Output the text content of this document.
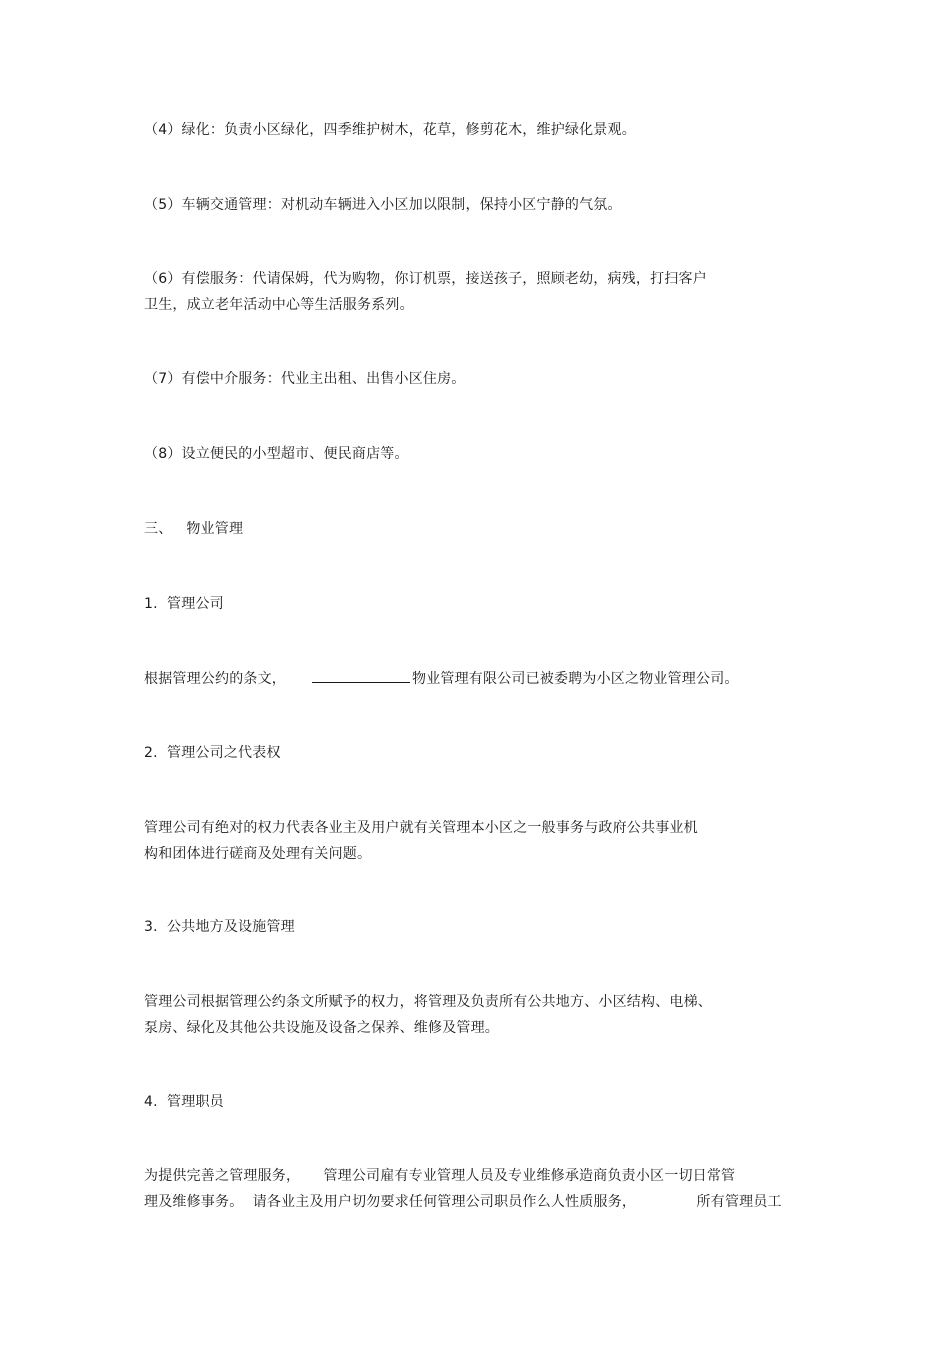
（4）绿化：负责小区绿化，四季维护树木，花草，修剪花木，维护绿化景观。
（5）车辆交通管理：对机动车辆进入小区加以限制，保持小区宁静的气氛。
（6）有偿服务：代请保姆，代为购物，你订机票，接送孩子，照顾老幼，病残，打扫客户
卫生，成立老年活动中心等生活服务系列。
（7）有偿中介服务：代业主出租、出售小区住房。
（8）设立便民的小型超市、便民商店等。
三、   物业管理
1.  管理公司
根据管理公约的条文，	物业管理有限公司已被委聘为小区之物业管理公司。
2.  管理公司之代表权
管理公司有绝对的权力代表各业主及用户就有关管理本小区之一般事务与政府公共事业机
构和团体进行磋商及处理有关问题。
3.  公共地方及设施管理
管理公司根据管理公约条文所赋予的权力，将管理及负责所有公共地方、小区结构、电梯、
泵房、绿化及其他公共设施及设备之保养、维修及管理。
4.  管理职员
为提供完善之管理服务，     管理公司雇有专业管理人员及专业维修承造商负责小区一切日常管
理及维修事务。  请各业主及用户切勿要求任何管理公司职员作么人性质服务，             所有管理员工
